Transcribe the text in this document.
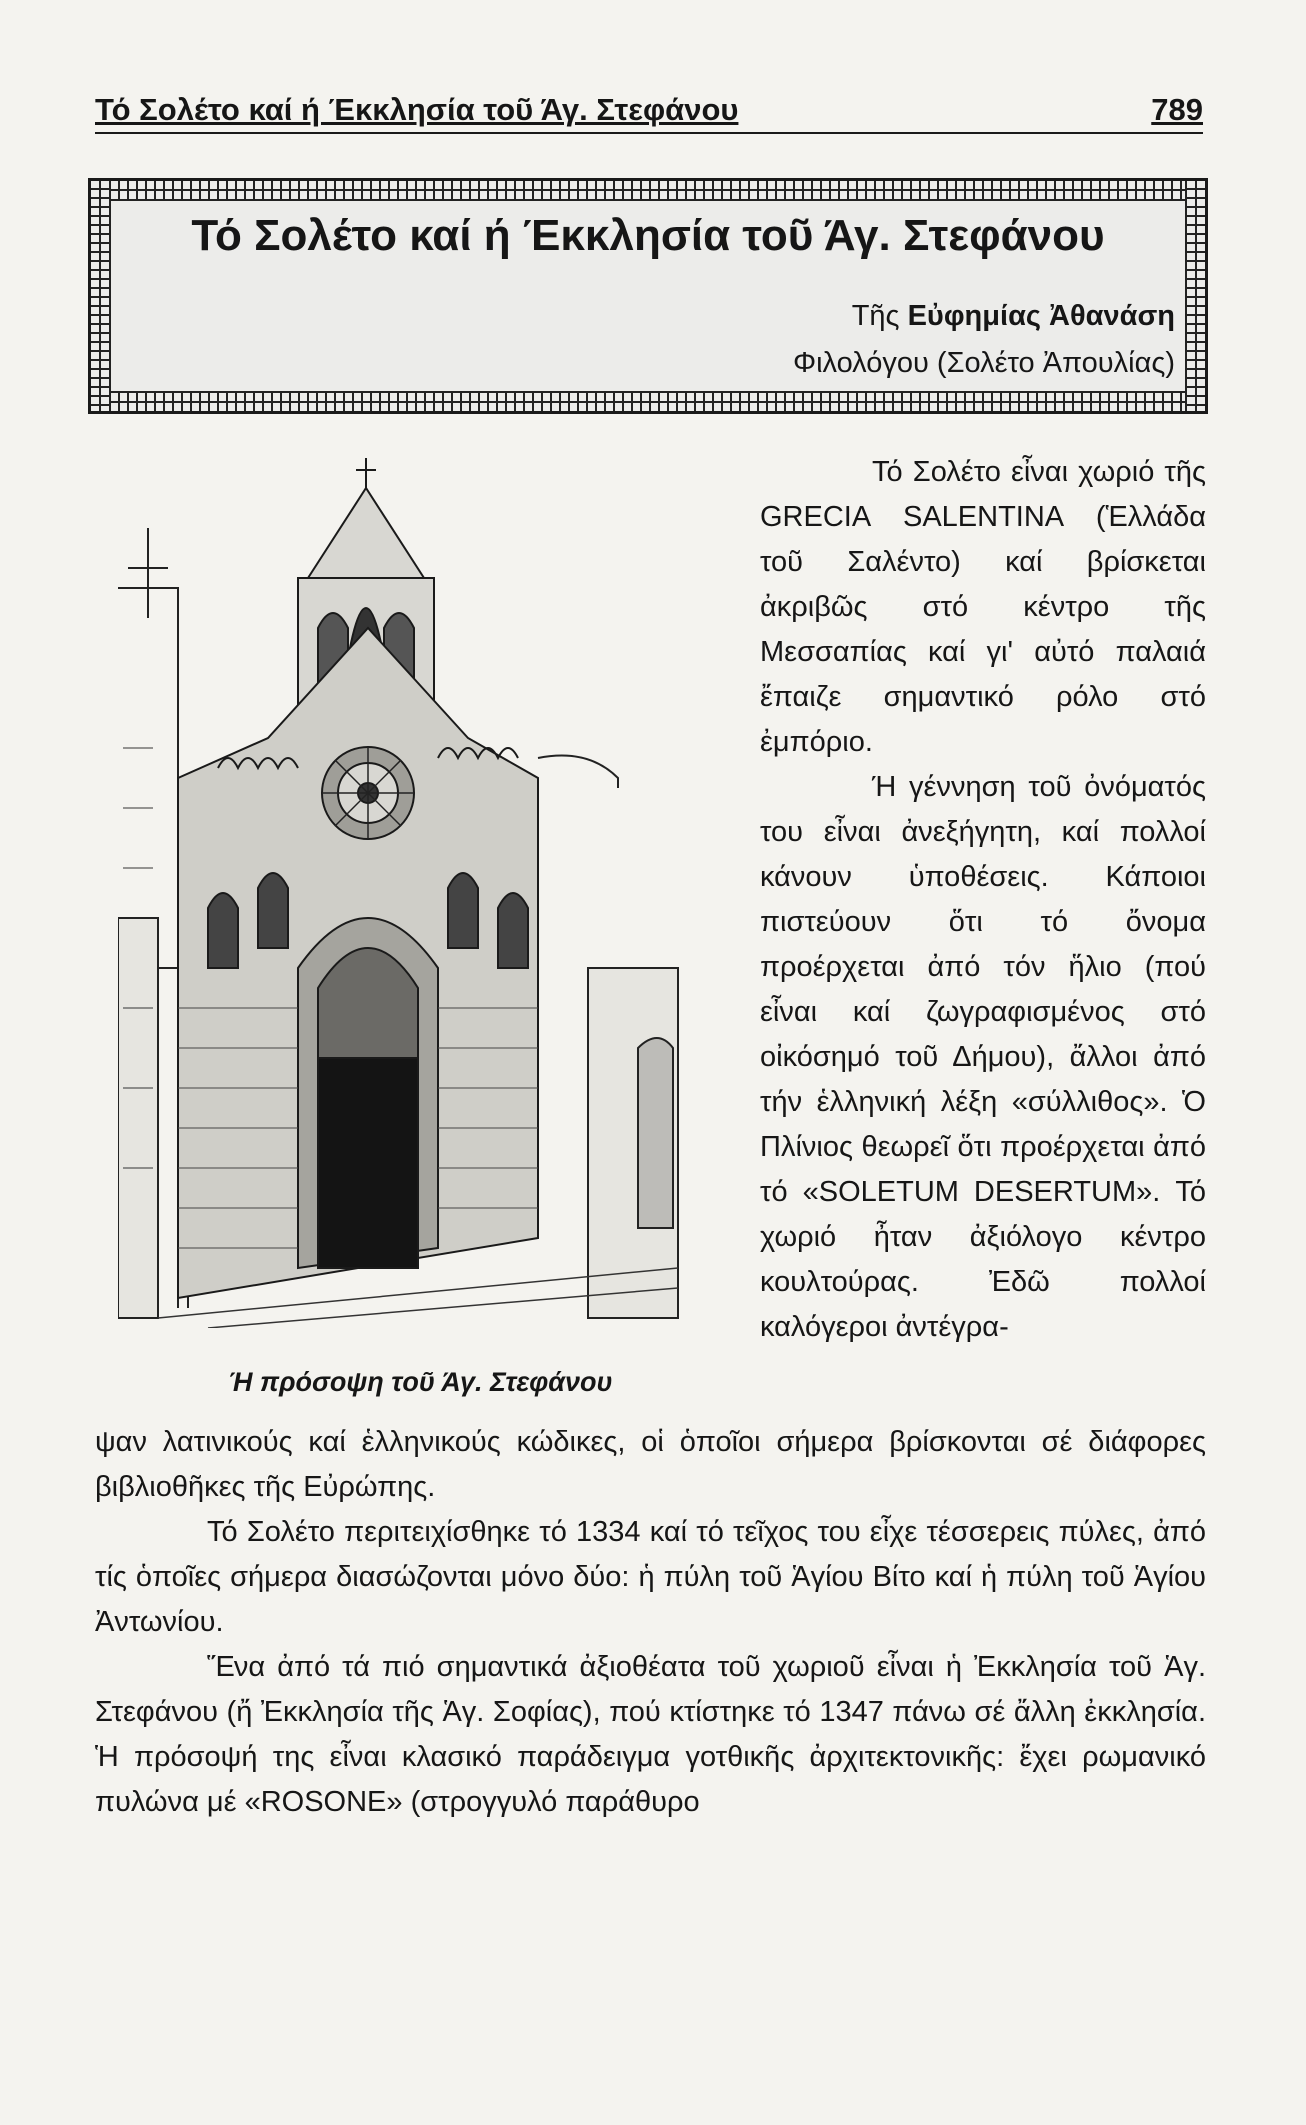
Τό Σολέτο καί ή Έκκλησία τοῦ Άγ. Στεφάνου	789
Τό Σολέτο καί ή Έκκλησία τοῦ Άγ. Στεφάνου
Τῆς Εὐφημίας Ἀθανάση
Φιλολόγου (Σολέτο Ἀπουλίας)
Ή πρόσοψη τοῦ Άγ. Στεφάνου

Τό Σολέτο εἶναι χωριό τῆς GRECIA SALENTINA (Ἑλλάδα τοῦ Σαλέντο) καί βρίσκεται ἀκριβῶς στό κέντρο τῆς Μεσσαπίας καί γι' αὐτό παλαιά ἔπαιζε σημαντικό ρόλο στό ἐμπόριο.

Ή γέννηση τοῦ ὀνόματός του εἶναι ἀνεξήγητη, καί πολλοί κάνουν ὑποθέσεις. Κάποιοι πιστεύουν ὅτι τό ὄνομα προέρχεται ἀπό τόν ἥλιο (πού εἶναι καί ζωγραφισμένος στό οἰκόσημό τοῦ Δήμου), ἄλλοι ἀπό τήν ἑλληνική λέξη «σύλλιθος». Ὁ Πλίνιος θεωρεῖ ὅτι προέρχεται ἀπό τό «SOLETUM DESERTUM». Τό χωριό ἦταν ἀξιόλογο κέντρο κουλτούρας. Ἐδῶ πολλοί καλόγεροι ἀντέγρα-

ψαν λατινικούς καί ἑλληνικούς κώδικες, οἱ ὁποῖοι σήμερα βρίσκονται σέ διάφορες βιβλιοθῆκες τῆς Εὐρώπης.

Τό Σολέτο περιτειχίσθηκε τό 1334 καί τό τεῖχος του εἶχε τέσσερεις πύλες, ἀπό τίς ὁποῖες σήμερα διασώζονται μόνο δύο: ἡ πύλη τοῦ Ἁγίου Βίτο καί ἡ πύλη τοῦ Ἁγίου Ἀντωνίου.

Ἕνα ἀπό τά πιό σημαντικά ἀξιοθέατα τοῦ χωριοῦ εἶναι ἡ Ἐκκλησία τοῦ Ἁγ. Στεφάνου (ἤ Ἐκκλησία τῆς Ἁγ. Σοφίας), πού κτίστηκε τό 1347 πάνω σέ ἄλλη ἐκκλησία. Ἡ πρόσοψή της εἶναι κλασικό παράδειγμα γοτθικῆς ἀρχιτεκτονικῆς: ἔχει ρωμανικό πυλώνα μέ «ROSONE» (στρογγυλό παράθυρο
